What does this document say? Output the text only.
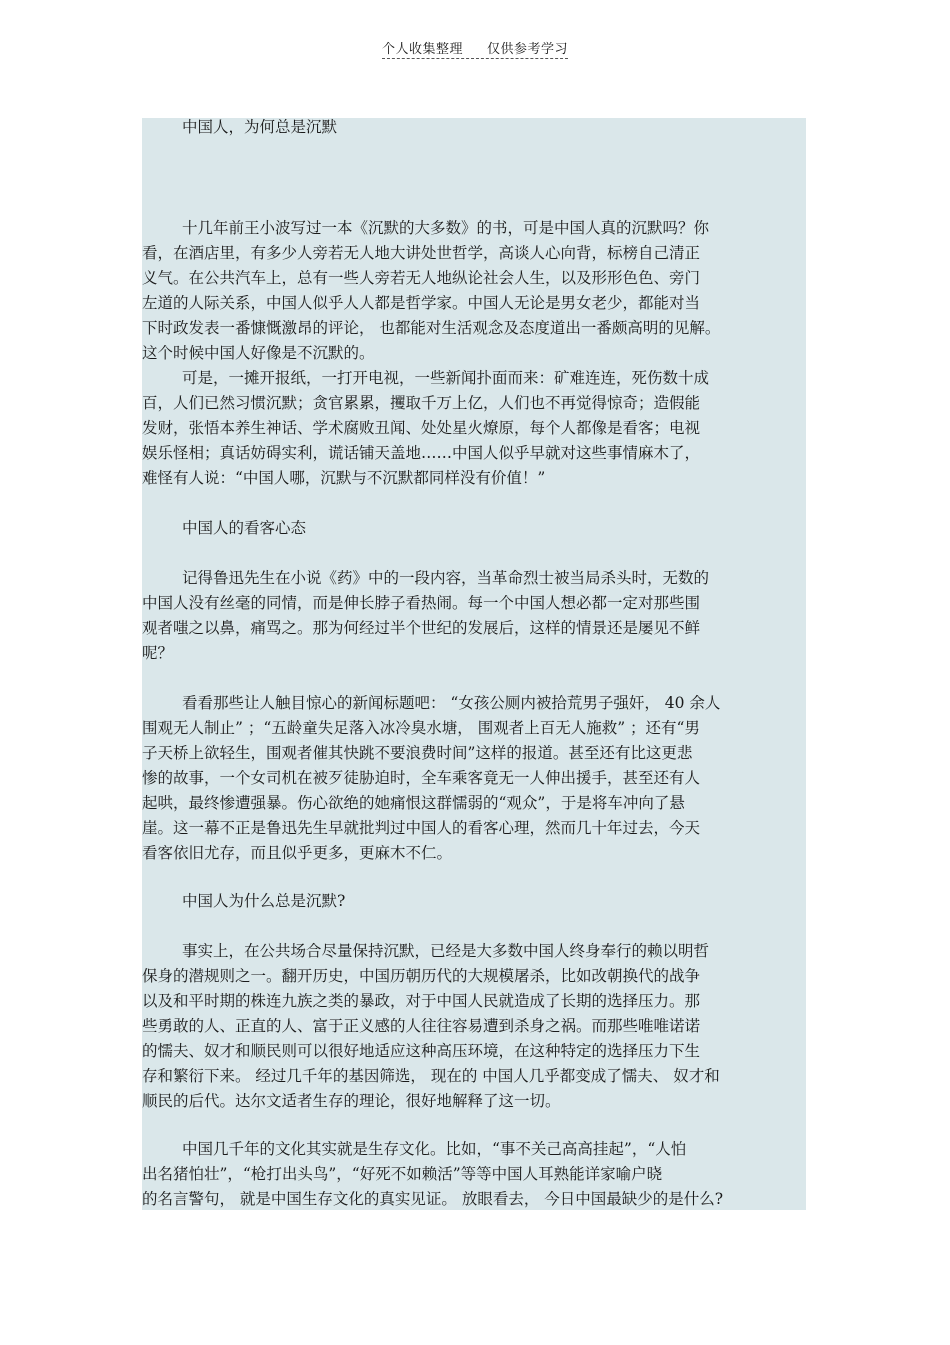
个人收集整理 仅供参考学习
中国人，为何总是沉默
十几年前王小波写过一本《沉默的大多数》的书，可是中国人真的沉默吗？你
看，在酒店里，有多少人旁若无人地大讲处世哲学，高谈人心向背，标榜自己清正
义气。在公共汽车上，总有一些人旁若无人地纵论社会人生，以及形形色色、旁门
左道的人际关系，中国人似乎人人都是哲学家。中国人无论是男女老少，都能对当
下时政发表一番慷慨激昂的评论， 也都能对生活观念及态度道出一番颇高明的见解。
这个时候中国人好像是不沉默的。
可是，一摊开报纸，一打开电视，一些新闻扑面而来：矿难连连，死伤数十成
百，人们已然习惯沉默；贪官累累，攫取千万上亿，人们也不再觉得惊奇；造假能
发财，张悟本养生神话、学术腐败丑闻、处处星火燎原，每个人都像是看客；电视
娱乐怪相；真话妨碍实利，谎话铺天盖地……中国人似乎早就对这些事情麻木了，
难怪有人说：“中国人哪，沉默与不沉默都同样没有价值！”
中国人的看客心态
记得鲁迅先生在小说《药》中的一段内容，当革命烈士被当局杀头时，无数的
中国人没有丝毫的同情，而是伸长脖子看热闹。每一个中国人想必都一定对那些围
观者嗤之以鼻，痛骂之。那为何经过半个世纪的发展后，这样的情景还是屡见不鲜
呢？
看看那些让人触目惊心的新闻标题吧： “女孩公厕内被拾荒男子强奸， 40 余人
围观无人制止” ；“五龄童失足落入冰冷臭水塘， 围观者上百无人施救” ；还有“男
子天桥上欲轻生，围观者催其快跳不要浪费时间”这样的报道。甚至还有比这更悲
惨的故事，一个女司机在被歹徒胁迫时，全车乘客竟无一人伸出援手，甚至还有人
起哄，最终惨遭强暴。伤心欲绝的她痛恨这群懦弱的“观众”，于是将车冲向了悬
崖。这一幕不正是鲁迅先生早就批判过中国人的看客心理，然而几十年过去，今天
看客依旧尤存，而且似乎更多，更麻木不仁。
中国人为什么总是沉默?
事实上，在公共场合尽量保持沉默，已经是大多数中国人终身奉行的赖以明哲
保身的潜规则之一。翻开历史，中国历朝历代的大规模屠杀，比如改朝换代的战争
以及和平时期的株连九族之类的暴政，对于中国人民就造成了长期的选择压力。那
些勇敢的人、正直的人、富于正义感的人往往容易遭到杀身之祸。而那些唯唯诺诺
的懦夫、奴才和顺民则可以很好地适应这种高压环境，在这种特定的选择压力下生
存和繁衍下来。 经过几千年的基因筛选， 现在的 中国人几乎都变成了懦夫、 奴才和
顺民的后代。达尔文适者生存的理论，很好地解释了这一切。
中国几千年的文化其实就是生存文化。比如，“事不关己高高挂起”，“人怕
出名猪怕壮”，“枪打出头鸟”，“好死不如赖活”等等中国人耳熟能详家喻户晓
的名言警句， 就是中国生存文化的真实见证。 放眼看去， 今日中国最缺少的是什么?
